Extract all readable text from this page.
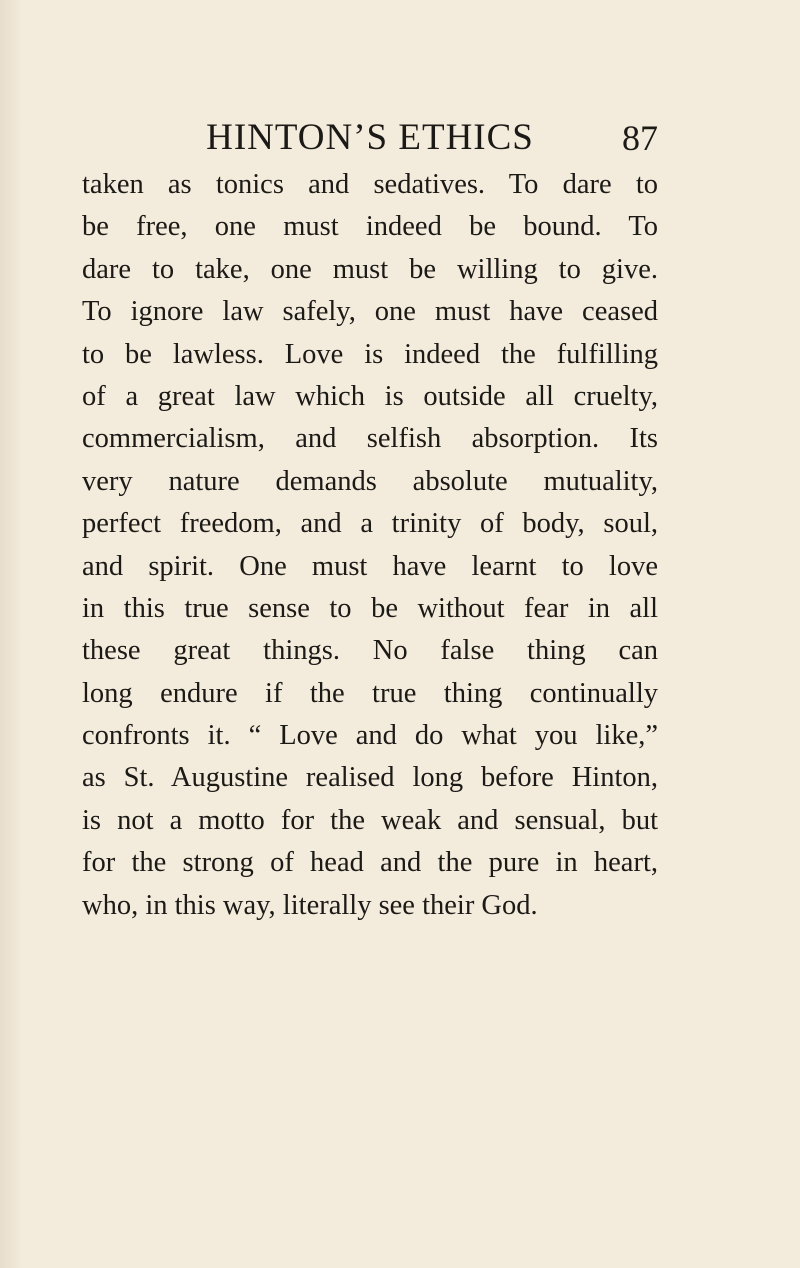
HINTON’S ETHICS	87
taken as tonics and sedatives. To dare to
be free, one must indeed be bound. To
dare to take, one must be willing to give.
To ignore law safely, one must have ceased
to be lawless. Love is indeed the fulfilling
of a great law which is outside all cruelty,
commercialism, and selfish absorption. Its
very nature demands absolute mutuality,
perfect freedom, and a trinity of body, soul,
and spirit. One must have learnt to love
in this true sense to be without fear in all
these great things. No false thing can
long endure if the true thing continually
confronts it. “ Love and do what you like,”
as St. Augustine realised long before Hinton,
is not a motto for the weak and sensual, but
for the strong of head and the pure in heart,
who, in this way, literally see their God.
